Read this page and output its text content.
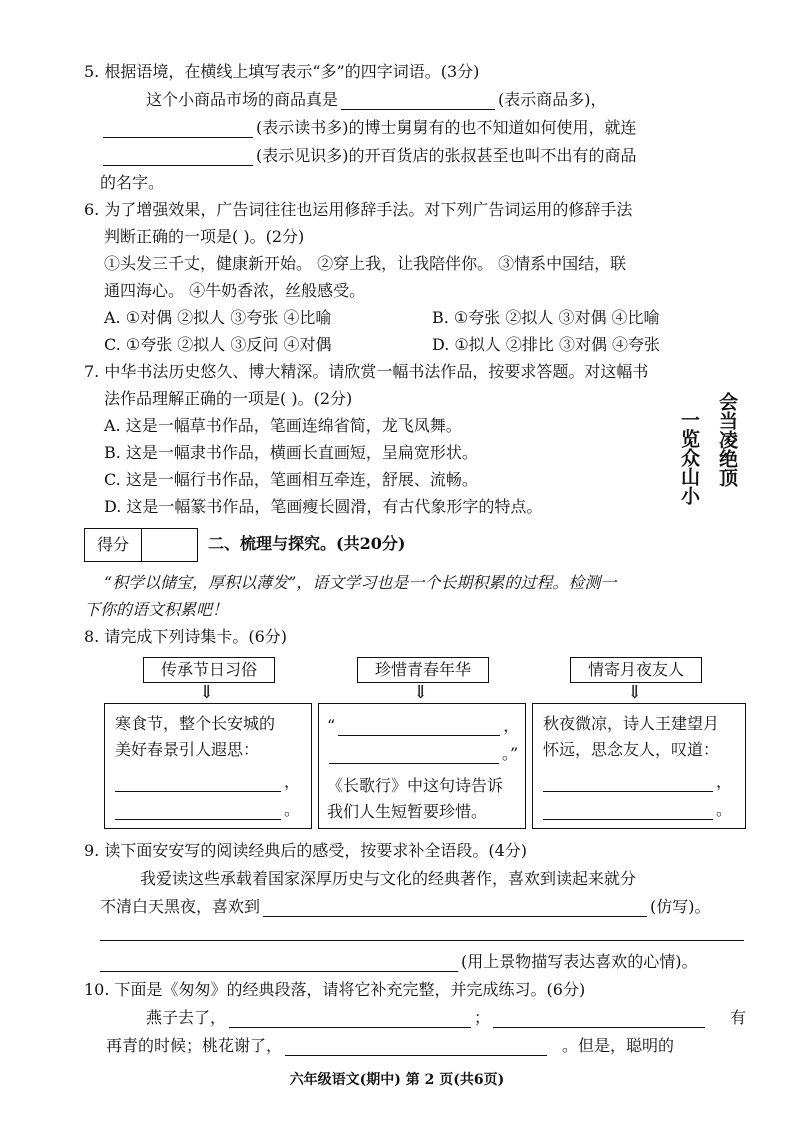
5. 根据语境，在横线上填写表示“多”的四字词语。(3分)
这个小商品市场的商品真是	(表示商品多)，
(表示读书多)的博士舅舅有的也不知道如何使用，就连
(表示见识多)的开百货店的张叔甚至也叫不出有的商品
的名字。
6. 为了增强效果，广告词往往也运用修辞手法。对下列广告词运用的修辞手法
判断正确的一项是( )。(2分)
①头发三千丈，健康新开始。 ②穿上我，让我陪伴你。 ③情系中国结，联
通四海心。 ④牛奶香浓，丝般感受。
A. ①对偶 ②拟人 ③夸张 ④比喻	B. ①夸张 ②拟人 ③对偶 ④比喻
C. ①夸张 ②拟人 ③反问 ④对偶	D. ①拟人 ②排比 ③对偶 ④夸张
7. 中华书法历史悠久、博大精深。请欣赏一幅书法作品，按要求答题。对这幅书
法作品理解正确的一项是( )。(2分)
A. 这是一幅草书作品，笔画连绵省简，龙飞凤舞。
B. 这是一幅隶书作品，横画长直画短，呈扁宽形状。
C. 这是一幅行书作品，笔画相互牵连，舒展、流畅。
D. 这是一幅篆书作品，笔画瘦长圆滑，有古代象形字的特点。
会当凌绝顶
一览众山小
得分	二、梳理与探究。(共20分)
“积学以储宝，厚积以薄发”，语文学习也是一个长期积累的过程。检测一
下你的语文积累吧！
8. 请完成下列诗集卡。(6分)
传承节日习俗	珍惜青春年华	情寄月夜友人
⇓	⇓	⇓
寒食节，整个长安城的
美好春景引人遐思：
，
。
“	，
。”
《长歌行》中这句诗告诉
我们人生短暂要珍惜。
秋夜微凉，诗人王建望月
怀远，思念友人，叹道：
，
。
9. 读下面安安写的阅读经典后的感受，按要求补全语段。(4分)
我爱读这些承载着国家深厚历史与文化的经典著作，喜欢到读起来就分
不清白天黑夜，喜欢到	(仿写)。
(用上景物描写表达喜欢的心情)。
10. 下面是《匆匆》的经典段落，请将它补充完整，并完成练习。(6分)
燕子去了，	；	有
再青的时候；桃花谢了，	。但是，聪明的
六年级语文(期中) 第 2 页(共6页)
